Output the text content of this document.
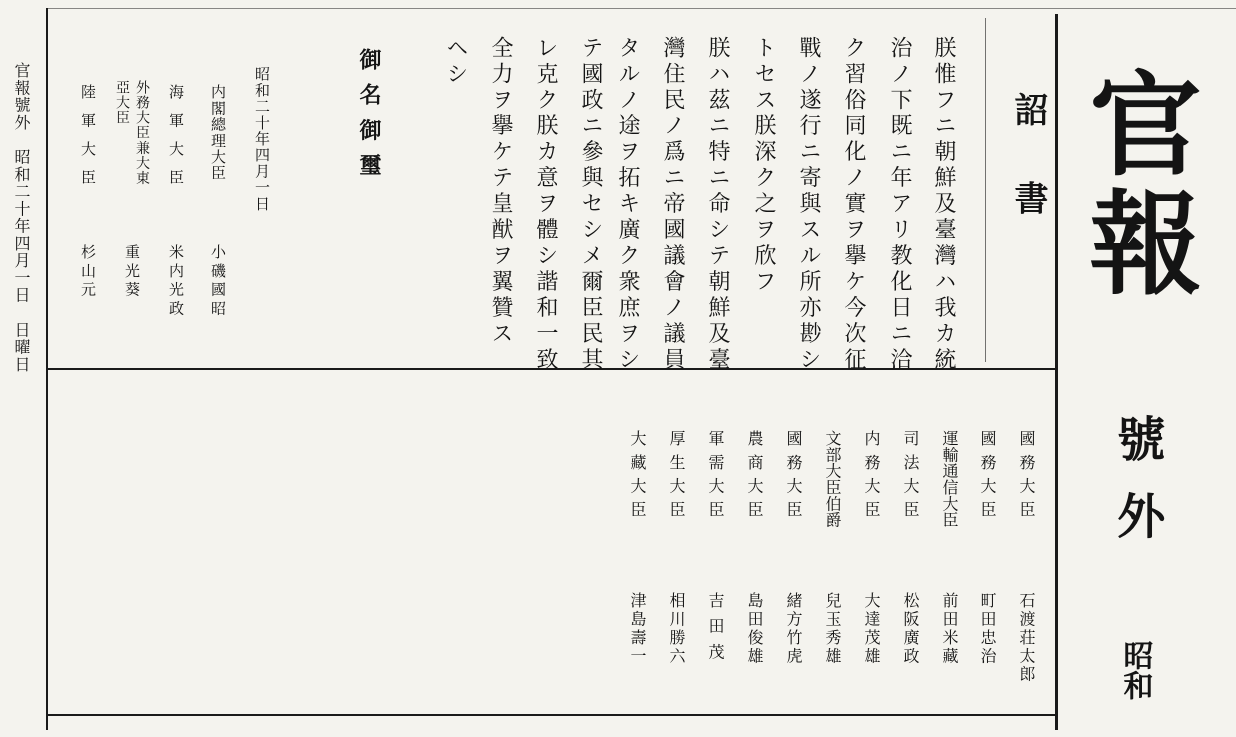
官報號外　昭和二十年四月一日　日曜日	官報
號外
昭和
詔書
朕惟フニ朝鮮及臺灣ハ我カ統
治ノ下既ニ年アリ教化日ニ洽
ク習俗同化ノ實ヲ擧ケ今次征
戰ノ遂行ニ寄與スル所亦尠シ
トセス朕深ク之ヲ欣フ
朕ハ茲ニ特ニ命シテ朝鮮及臺
灣住民ノ爲ニ帝國議會ノ議員
タルノ途ヲ拓キ廣ク衆庶ヲシ
テ國政ニ參與セシメ爾臣民其
レ克ク朕カ意ヲ體シ諧和一致
全力ヲ擧ケテ皇猷ヲ翼贊ス
ヘシ
御名御璽
昭和二十年四月一日
内閣總理大臣
小磯國昭
海軍大臣
米内光政
外務大臣兼大東亞大臣
重光葵
陸軍大臣
杉山元
國務大臣
石渡荘太郎
國務大臣
町田忠治
運輸通信大臣
前田米藏
司法大臣
松阪廣政
内務大臣
大達茂雄
文部大臣伯爵
兒玉秀雄
國務大臣
緒方竹虎
農商大臣
島田俊雄
軍需大臣
吉田茂
厚生大臣
相川勝六
大藏大臣
津島壽一
